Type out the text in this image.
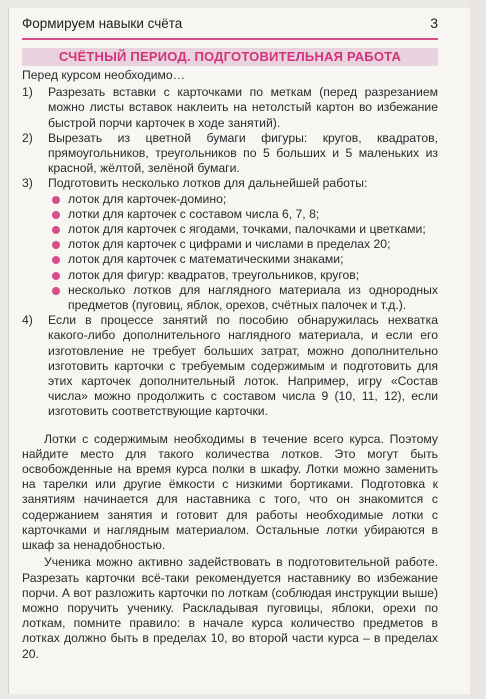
Формируем навыки счёта	3
СЧЁТНЫЙ ПЕРИОД. ПОДГОТОВИТЕЛЬНАЯ РАБОТА

Перед курсом необходимо…

1)	Разрезать вставки с карточками по меткам (перед разрезанием можно листы вставок наклеить на нетолстый картон во избежание быстрой порчи карточек в ходе занятий).
2)	Вырезать из цветной бумаги фигуры: кругов, квадратов, прямоугольников, треугольников по 5 больших и 5 маленьких из красной, жёлтой, зелёной бумаги.
3)	Подготовить несколько лотков для дальнейшей работы:
лоток для карточек-домино;
лотки для карточек с составом числа 6, 7, 8;
лоток для карточек с ягодами, точками, палочками и цветками;
лоток для карточек с цифрами и числами в пределах 20;
лоток для карточек с математическими знаками;
лоток для фигур: квадратов, треугольников, кругов;
несколько лотков для наглядного материала из однородных предметов (пуговиц, яблок, орехов, счётных палочек и т.д.).
4)	Если в процессе занятий по пособию обнаружилась нехватка какого-либо дополнительного наглядного материала, и если его изготовление не требует больших затрат, можно дополнительно изготовить карточки с требуемым содержимым и подготовить для этих карточек дополнительный лоток. Например, игру «Состав числа» можно продолжить с составом числа 9 (10, 11, 12), если изготовить соответствующие карточки.

Лотки с содержимым необходимы в течение всего курса. Поэтому найдите место для такого количества лотков. Это могут быть освобожденные на время курса полки в шкафу. Лотки можно заменить на тарелки или другие ёмкости с низкими бортиками. Подготовка к занятиям начинается для наставника с того, что он знакомится с содержанием занятия и готовит для работы необходимые лотки с карточками и наглядным материалом. Остальные лотки убираются в шкаф за ненадобностью.

Ученика можно активно задействовать в подготовительной работе. Разрезать карточки всё-таки рекомендуется наставнику во избежание порчи. А вот разложить карточки по лоткам (соблюдая инструкции выше) можно поручить ученику. Раскладывая пуговицы, яблоки, орехи по лоткам, помните правило: в начале курса количество предметов в лотках должно быть в пределах 10, во второй части курса – в пределах 20.
